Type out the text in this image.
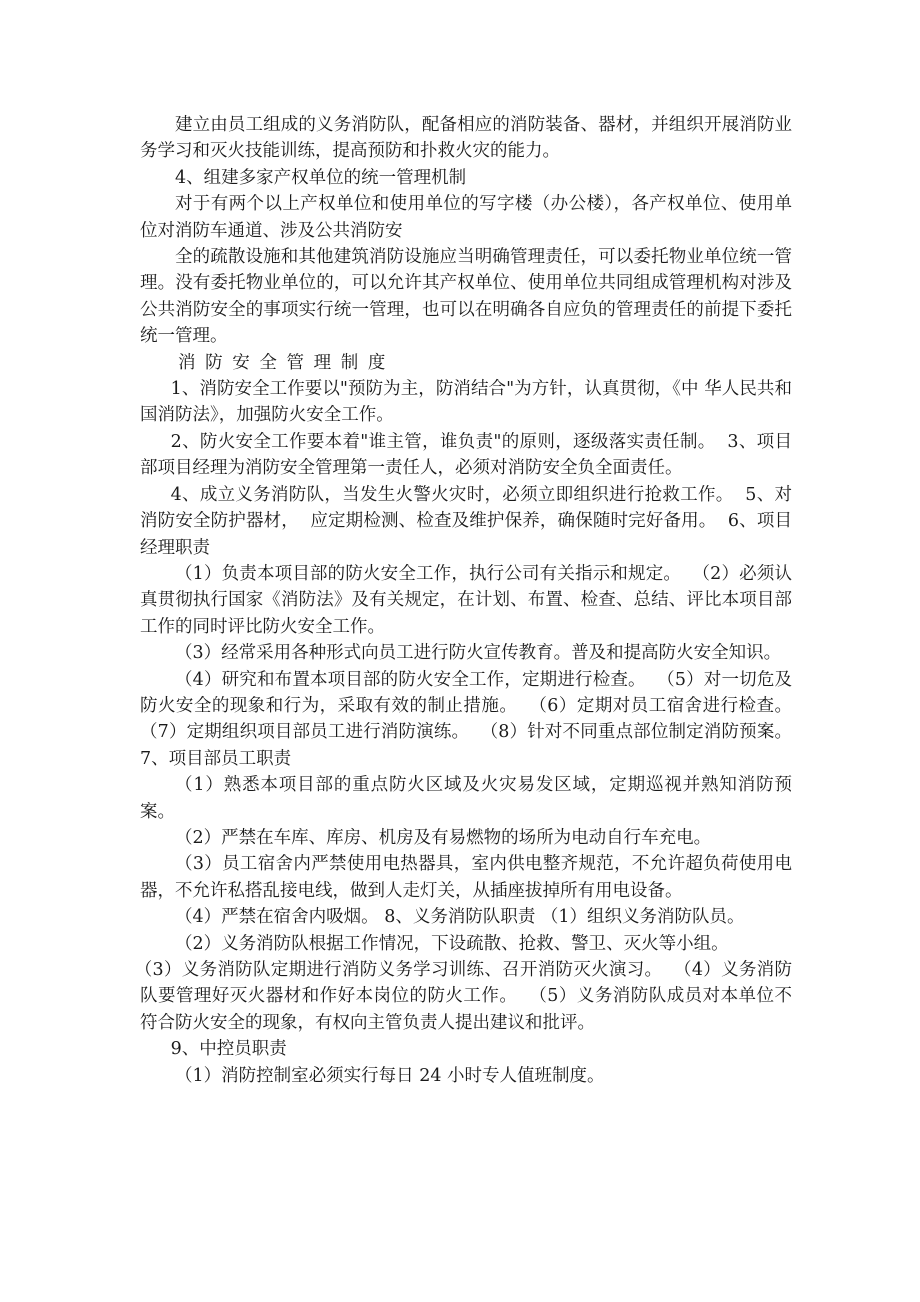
建立由员工组成的义务消防队，配备相应的消防装备、器材，并组织开展消防业务学习和灭火技能训练，提高预防和扑救火灾的能力。

4、组建多家产权单位的统一管理机制

对于有两个以上产权单位和使用单位的写字楼（办公楼），各产权单位、使用单位对消防车通道、涉及公共消防安

全的疏散设施和其他建筑消防设施应当明确管理责任，可以委托物业单位统一管理。没有委托物业单位的，可以允许其产权单位、使用单位共同组成管理机构对涉及公共消防安全的事项实行统一管理，也可以在明确各自应负的管理责任的前提下委托统一管理。

消防安全管理制度

1、消防安全工作要以"预防为主，防消结合"为方针，认真贯彻，《中 华人民共和国消防法》，加强防火安全工作。

2、防火安全工作要本着"谁主管，谁负责"的原则，逐级落实责任制。  3、项目部项目经理为消防安全管理第一责任人，必须对消防安全负全面责任。

4、成立义务消防队，当发生火警火灾时，必须立即组织进行抢救工作。  5、对消防安全防护器材，  应定期检测、检查及维护保养，确保随时完好备用。  6、项目经理职责

（1）负责本项目部的防火安全工作，执行公司有关指示和规定。  （2）必须认真贯彻执行国家《消防法》及有关规定，在计划、布置、检查、总结、评比本项目部工作的同时评比防火安全工作。

（3）经常采用各种形式向员工进行防火宣传教育。普及和提高防火安全知识。

（4）研究和布置本项目部的防火安全工作，定期进行检查。  （5）对一切危及防火安全的现象和行为，采取有效的制止措施。  （6）定期对员工宿舍进行检查。 （7）定期组织项目部员工进行消防演练。  （8）针对不同重点部位制定消防预案。 7、项目部员工职责

（1）熟悉本项目部的重点防火区域及火灾易发区域，定期巡视并熟知消防预案。

（2）严禁在车库、库房、机房及有易燃物的场所为电动自行车充电。

（3）员工宿舍内严禁使用电热器具，室内供电整齐规范，不允许超负荷使用电器，不允许私搭乱接电线，做到人走灯关，从插座拔掉所有用电设备。

（4）严禁在宿舍内吸烟。 8、义务消防队职责 （1）组织义务消防队员。

（2）义务消防队根据工作情况，下设疏散、抢救、警卫、灭火等小组。

（3）义务消防队定期进行消防义务学习训练、召开消防灭火演习。  （4）义务消防队要管理好灭火器材和作好本岗位的防火工作。  （5）义务消防队成员对本单位不符合防火安全的现象，有权向主管负责人提出建议和批评。

9、中控员职责

（1）消防控制室必须实行每日 24 小时专人值班制度。
